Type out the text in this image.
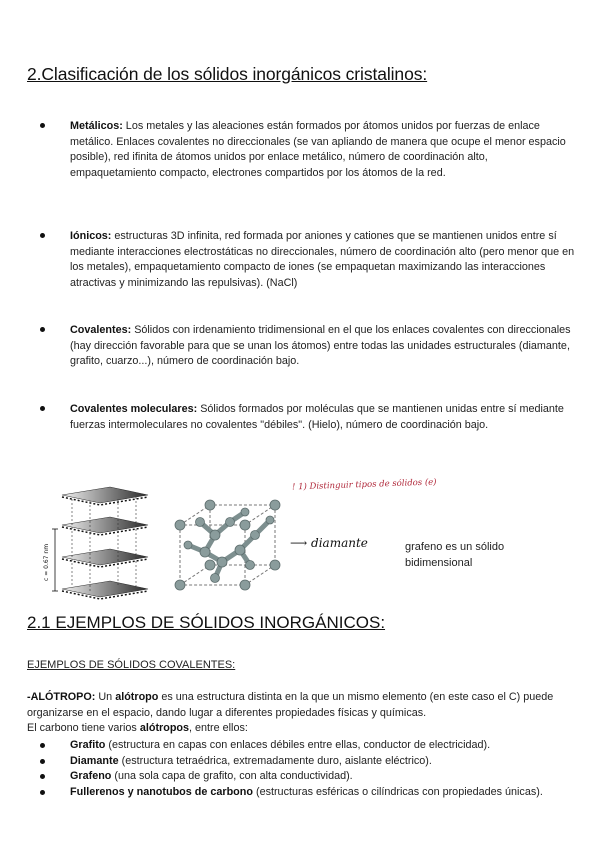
2.Clasificación de los sólidos inorgánicos cristalinos:
Metálicos: Los metales y las aleaciones están formados por átomos unidos por fuerzas de enlace metálico. Enlaces covalentes no direccionales (se van apliando de manera que ocupe el menor espacio posible), red ifinita de átomos unidos por enlace metálico, número de coordinación alto, empaquetamiento compacto, electrones compartidos por los átomos de la red.
Iónicos: estructuras 3D infinita, red formada por aniones y cationes que se mantienen unidos entre sí mediante interacciones electrostáticas no direccionales, número de coordinación alto (pero menor que en los metales), empaquetamiento compacto de iones (se empaquetan maximizando las interacciones atractivas y minimizando las repulsivas). (NaCl)
Covalentes: Sólidos con irdenamiento tridimensional en el que los enlaces covalentes con direccionales (hay dirección favorable para que se unan los átomos) entre todas las unidades estructurales (diamante, grafito, cuarzo...), número de coordinación bajo.
Covalentes moleculares: Sólidos formados por moléculas que se mantienen unidas entre sí mediante fuerzas intermoleculares no covalentes "débiles". (Hielo), número de coordinación bajo.
c = 0.67 nm
! 1) Distinguir tipos de sólidos (e)
⟶ diamante	grafeno es un sólido bidimensional
2.1 EJEMPLOS DE SÓLIDOS INORGÁNICOS:
EJEMPLOS DE SÓLIDOS COVALENTES:
-ALÓTROPO: Un alótropo es una estructura distinta en la que un mismo elemento (en este caso el C) puede organizarse en el espacio, dando lugar a diferentes propiedades físicas y químicas.
El carbono tiene varios alótropos, entre ellos:
Grafito (estructura en capas con enlaces débiles entre ellas, conductor de electricidad).
Diamante (estructura tetraédrica, extremadamente duro, aislante eléctrico).
Grafeno (una sola capa de grafito, con alta conductividad).
Fullerenos y nanotubos de carbono (estructuras esféricas o cilíndricas con propiedades únicas).
